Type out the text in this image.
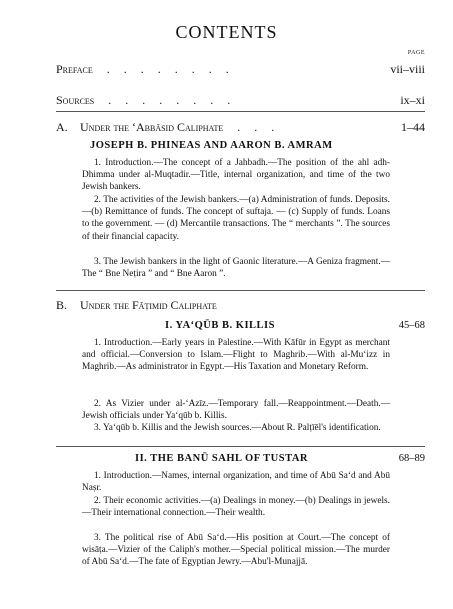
CONTENTS
PAGE
Preface	........	vii–viii
Sources	........	ix–xi
A.	Under the ‘Abbāsid Caliphate	...	1–44
JOSEPH B. PHINEAS AND AARON B. AMRAM

1. Introduction.—The concept of a Jahbadh.—The position of the ahl adh-Dhimma under al-Muqtadir.—Title, internal organization, and time of the two Jewish bankers.

2. The activities of the Jewish bankers.—(a) Administration of funds. Deposits.—(b) Remittance of funds. The concept of suftaja. — (c) Supply of funds. Loans to the government. — (d) Mercantile transactions. The “ merchants ”. The sources of their financial capacity.

3. The Jewish bankers in the light of Gaonic literature.—A Geniza fragment.—The “ Bne Neṭira ” and “ Bne Aaron ”.

B.	Under the Fāṭimid Caliphate
I. YA‘QŪB B. KILLIS	45–68

1. Introduction.—Early years in Palestine.—With Kāfūr in Egypt as merchant and official.—Conversion to Islam.—Flight to Maghrib.—With al-Mu‘izz in Maghrib.—As administrator in Egypt.—His Taxation and Monetary Reform.

2. As Vizier under al-‘Azīz.—Temporary fall.—Reappointment.—Death.—Jewish officials under Ya‘qūb b. Killis.

3. Ya‘qūb b. Killis and the Jewish sources.—About R. Palṭīēl's identification.

II. THE BANŪ SAHL OF TUSTAR	68–89

1. Introduction.—Names, internal organization, and time of Abū Sa‘d and Abū Naṣr.

2. Their economic activities.—(a) Dealings in money.—(b) Dealings in jewels.—Their international connection.—Their wealth.

3. The political rise of Abū Sa‘d.—His position at Court.—The concept of wisāṭa.—Vizier of the Caliph's mother.—Special political mission.—The murder of Abū Sa‘d.—The fate of Egyptian Jewry.—Abu'l-Munajjā.
